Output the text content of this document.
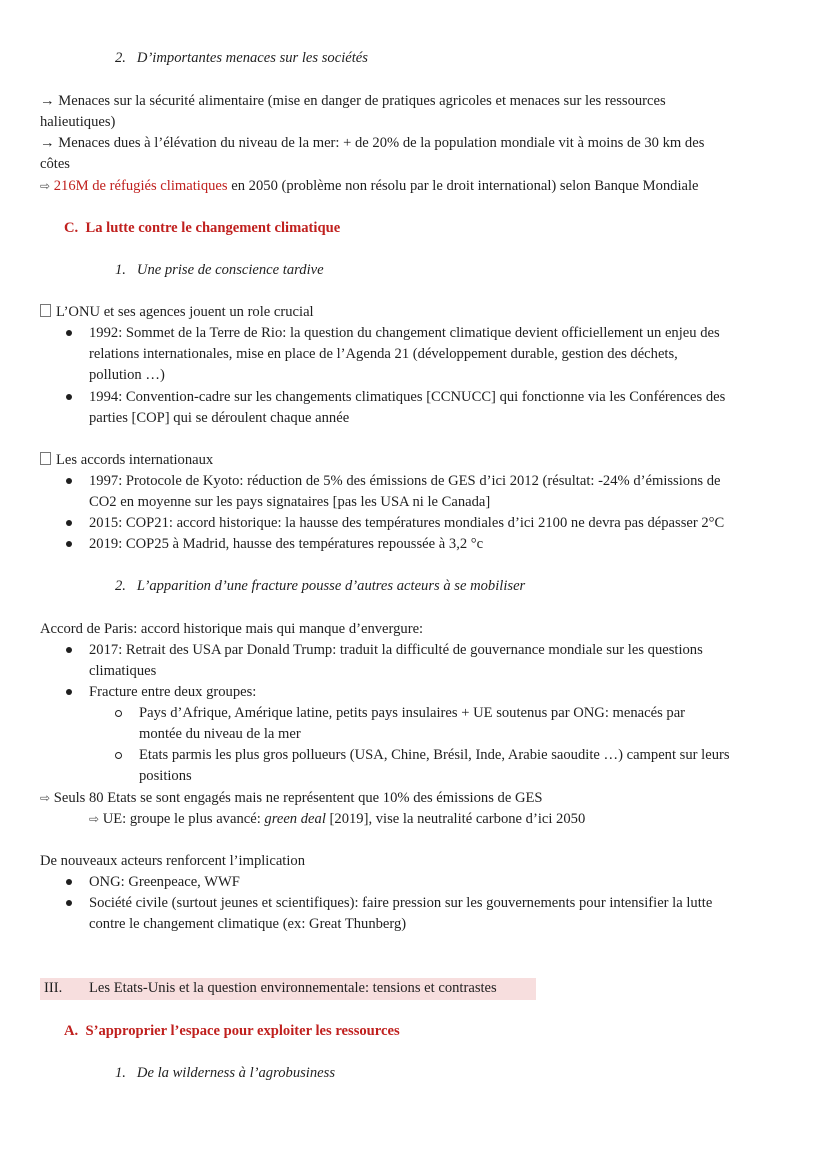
2. D’importantes menaces sur les sociétés
→ Menaces sur la sécurité alimentaire (mise en danger de pratiques agricoles et menaces sur les ressources
halieutiques)
→ Menaces dues à l’élévation du niveau de la mer: + de 20% de la population mondiale vit à moins de 30 km des
côtes
⇨ 216M de réfugiés climatiques en 2050 (problème non résolu par le droit international) selon Banque Mondiale
C. La lutte contre le changement climatique
1. Une prise de conscience tardive
L’ONU et ses agences jouent un role crucial
1992: Sommet de la Terre de Rio: la question du changement climatique devient officiellement un enjeu des
relations internationales, mise en place de l’Agenda 21 (développement durable, gestion des déchets,
pollution …)
1994: Convention-cadre sur les changements climatiques [CCNUCC] qui fonctionne via les Conférences des
parties [COP] qui se déroulent chaque année
Les accords internationaux
1997: Protocole de Kyoto: réduction de 5% des émissions de GES d’ici 2012 (résultat: -24% d’émissions de
CO2 en moyenne sur les pays signataires [pas les USA ni le Canada]
2015: COP21: accord historique: la hausse des températures mondiales d’ici 2100 ne devra pas dépasser 2°C
2019: COP25 à Madrid, hausse des températures repoussée à 3,2 °c
2. L’apparition d’une fracture pousse d’autres acteurs à se mobiliser
Accord de Paris: accord historique mais qui manque d’envergure:
2017: Retrait des USA par Donald Trump: traduit la difficulté de gouvernance mondiale sur les questions
climatiques
Fracture entre deux groupes:
Pays d’Afrique, Amérique latine, petits pays insulaires + UE soutenus par ONG: menacés par
montée du niveau de la mer
Etats parmis les plus gros pollueurs (USA, Chine, Brésil, Inde, Arabie saoudite …) campent sur leurs
positions
⇨ Seuls 80 Etats se sont engagés mais ne représentent que 10% des émissions de GES
⇨ UE: groupe le plus avancé: green deal [2019], vise la neutralité carbone d’ici 2050
De nouveaux acteurs renforcent l’implication
ONG: Greenpeace, WWF
Société civile (surtout jeunes et scientifiques): faire pression sur les gouvernements pour intensifier la lutte
contre le changement climatique (ex: Great Thunberg)
III. Les Etats-Unis et la question environnementale: tensions et contrastes
A. S’approprier l’espace pour exploiter les ressources
1. De la wilderness à l’agrobusiness
